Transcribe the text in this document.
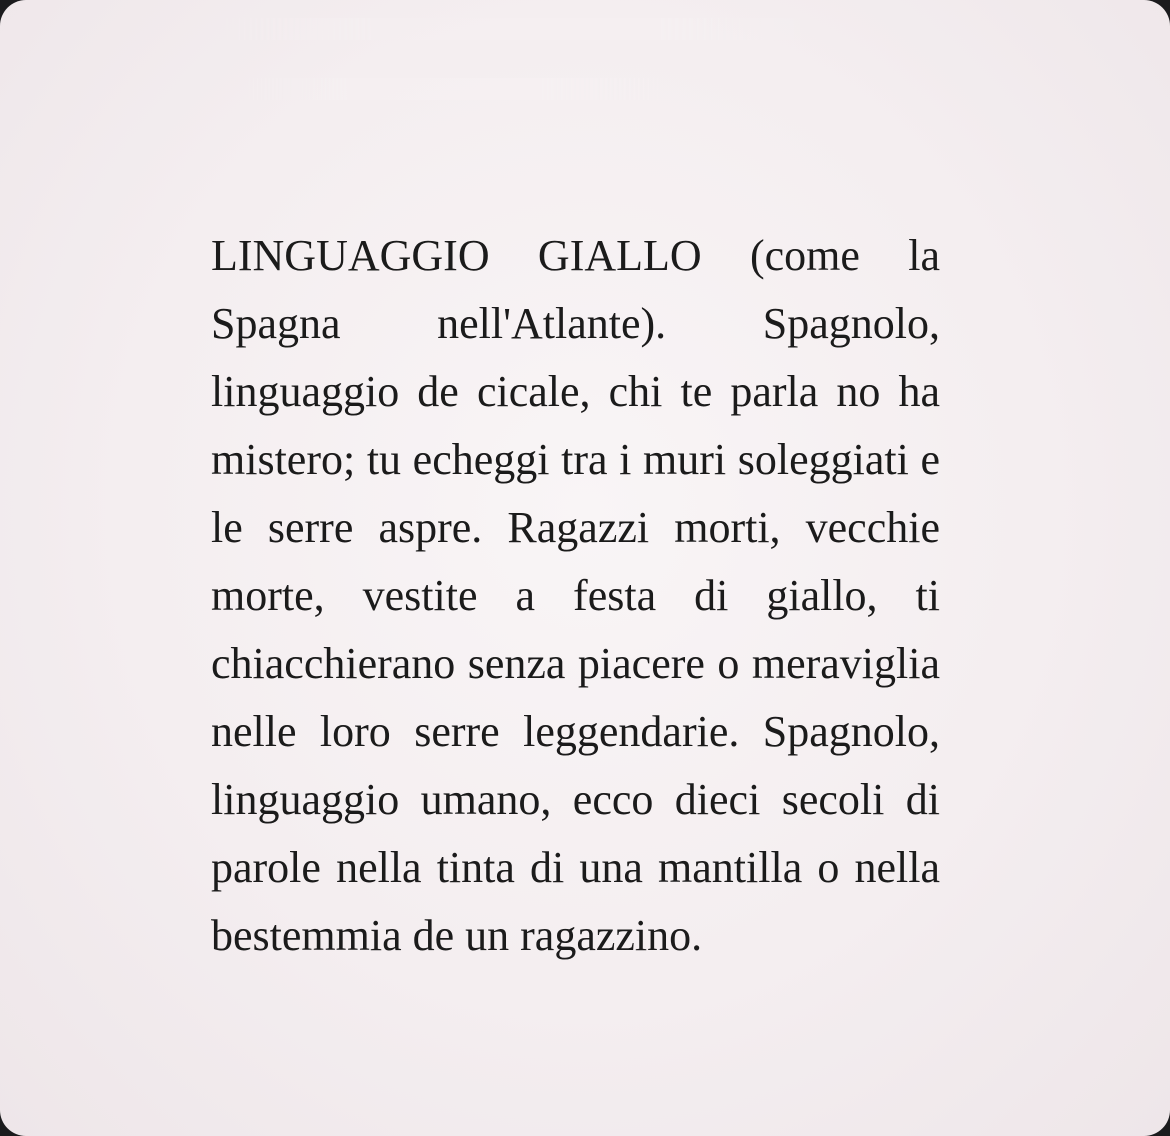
LINGUAGGIO GIALLO (come la Spagna nell'Atlante). Spagnolo, linguaggio de cicale, chi te parla no ha mistero; tu echeggi tra i muri soleggiati e le serre aspre. Ragazzi morti, vecchie morte, vestite a festa di giallo, ti chiacchierano senza piacere o meraviglia nelle loro serre leggendarie. Spagnolo, linguaggio umano, ecco dieci secoli di parole nella tinta di una mantilla o nella bestemmia de un ragazzino.
